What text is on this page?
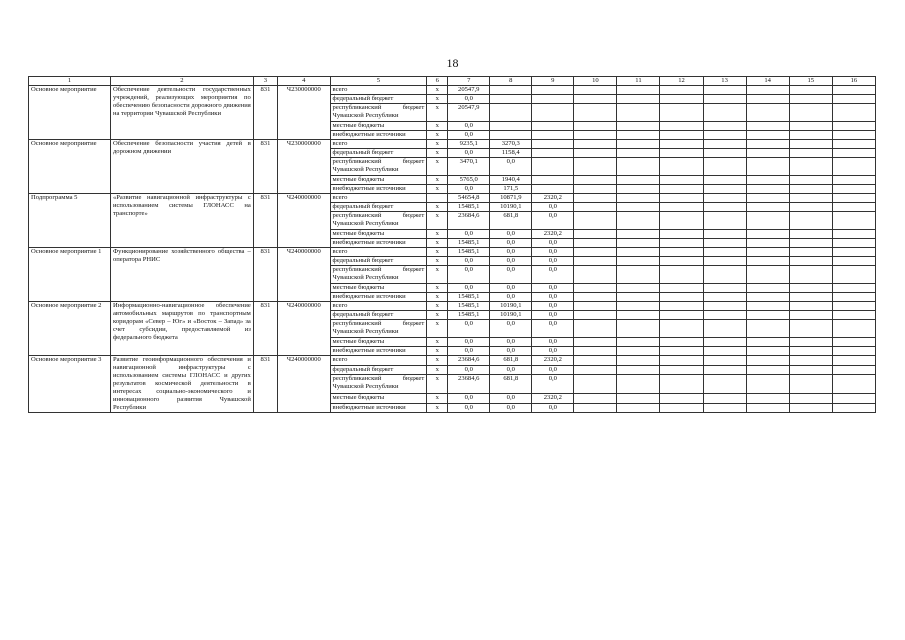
18
1	2	3	4	5	6	7	8	9	10	11	12	13	14	15	16
Основное мероприятие	Обеспечение деятельности государственных учреждений, реализующих мероприятия по обеспечению безопасности дорожного движения на территории Чувашской Республики	831	Ч230000000	всего	х	20547,9									
				федеральный бюджет	х	0,0									
				республиканский бюджет Чувашской Республики	х	20547,9									
				местные бюджеты	х	0,0									
				внебюджетные источники	х	0,0									
Основное мероприятие	Обеспечение безопасности участия детей в дорожном движении	831	Ч230000000	всего	х	9235,1	3270,3								
				федеральный бюджет	х	0,0	1158,4								
				республиканский бюджет Чувашской Республики	х	3470,1	0,0								
				местные бюджеты	х	5765,0	1940,4								
				внебюджетные источники	х	0,0	171,5								
Подпрограмма 5	«Развитие навигационной инфраструктуры с использованием системы ГЛОНАСС на транспорте»	831	Ч240000000	всего		54654,8	10871,9	2320,2							
				федеральный бюджет	х	15485,1	10190,1	0,0							
				республиканский бюджет Чувашской Республики	х	23684,6	681,8	0,0							
				местные бюджеты	х	0,0	0,0	2320,2							
				внебюджетные источники	х	15485,1	0,0	0,0							
Основное мероприятие 1	Функционирование хозяйственного общества – оператора РНИС	831	Ч240000000	всего	х	15485,1	0,0	0,0							
				федеральный бюджет	х	0,0	0,0	0,0							
				республиканский бюджет Чувашской Республики	х	0,0	0,0	0,0							
				местные бюджеты	х	0,0	0,0	0,0							
				внебюджетные источники	х	15485,1	0,0	0,0							
Основное мероприятие 2	Информационно-навигационное обеспечение автомобильных маршрутов по транспортным коридорам «Север – Юг» и «Восток – Запад» за счет субсидии, предоставляемой из федерального бюджета	831	Ч240000000	всего	х	15485,1	10190,1	0,0							
				федеральный бюджет	х	15485,1	10190,1	0,0							
				республиканский бюджет Чувашской Республики	х	0,0	0,0	0,0							
				местные бюджеты	х	0,0	0,0	0,0							
				внебюджетные источники	х	0,0	0,0	0,0							
Основное мероприятие 3	Развитие геоинформационного обеспечения и навигационной инфраструктуры с использованием системы ГЛОНАСС и других результатов космической деятельности в интересах социально-экономического и инновационного развития Чувашской Республики	831	Ч240000000	всего	х	23684,6	681,8	2320,2							
				федеральный бюджет	х	0,0	0,0	0,0							
				республиканский бюджет Чувашской Республики	х	23684,6	681,8	0,0							
				местные бюджеты	х	0,0	0,0	2320,2							
				внебюджетные источники	х	0,0	0,0	0,0							
